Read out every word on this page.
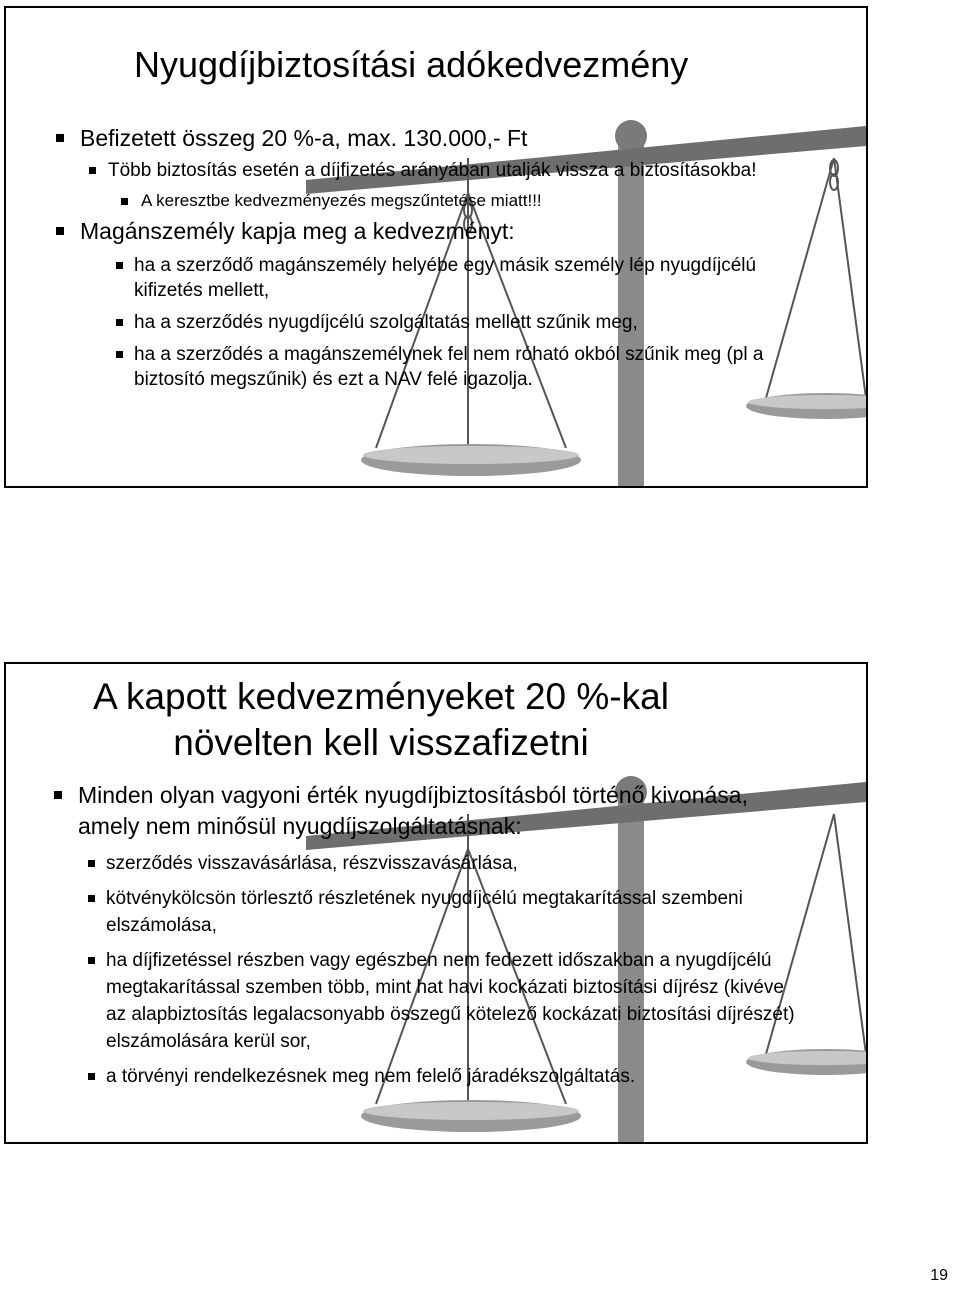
Nyugdíjbiztosítási adókedvezmény
Befizetett összeg 20 %-a, max. 130.000,- Ft
Több biztosítás esetén a díjfizetés arányában utalják vissza a biztosításokba!
A keresztbe kedvezményezés megszűntetése miatt!!!
Magánszemély kapja meg a kedvezményt:
ha a szerződő magánszemély helyébe egy másik személy lép nyugdíjcélú kifizetés mellett,
ha a szerződés nyugdíjcélú szolgáltatás mellett szűnik meg,
ha a szerződés a magánszemélynek fel nem róható okból szűnik meg (pl a biztosító megszűnik) és ezt a NAV felé igazolja.
A kapott kedvezményeket 20 %-kal
növelten kell visszafizetni
Minden olyan vagyoni érték nyugdíjbiztosításból történő kivonása, amely nem minősül nyugdíjszolgáltatásnak:
szerződés visszavásárlása, részvisszavásárlása,
kötvénykölcsön törlesztő részletének nyugdíjcélú megtakarítással szembeni elszámolása,
ha díjfizetéssel részben vagy egészben nem fedezett időszakban a nyugdíjcélú megtakarítással szemben több, mint hat havi kockázati biztosítási díjrész (kivéve az alapbiztosítás legalacsonyabb összegű kötelező kockázati biztosítási díjrészét) elszámolására kerül sor,
a törvényi rendelkezésnek meg nem felelő járadékszolgáltatás.
19
